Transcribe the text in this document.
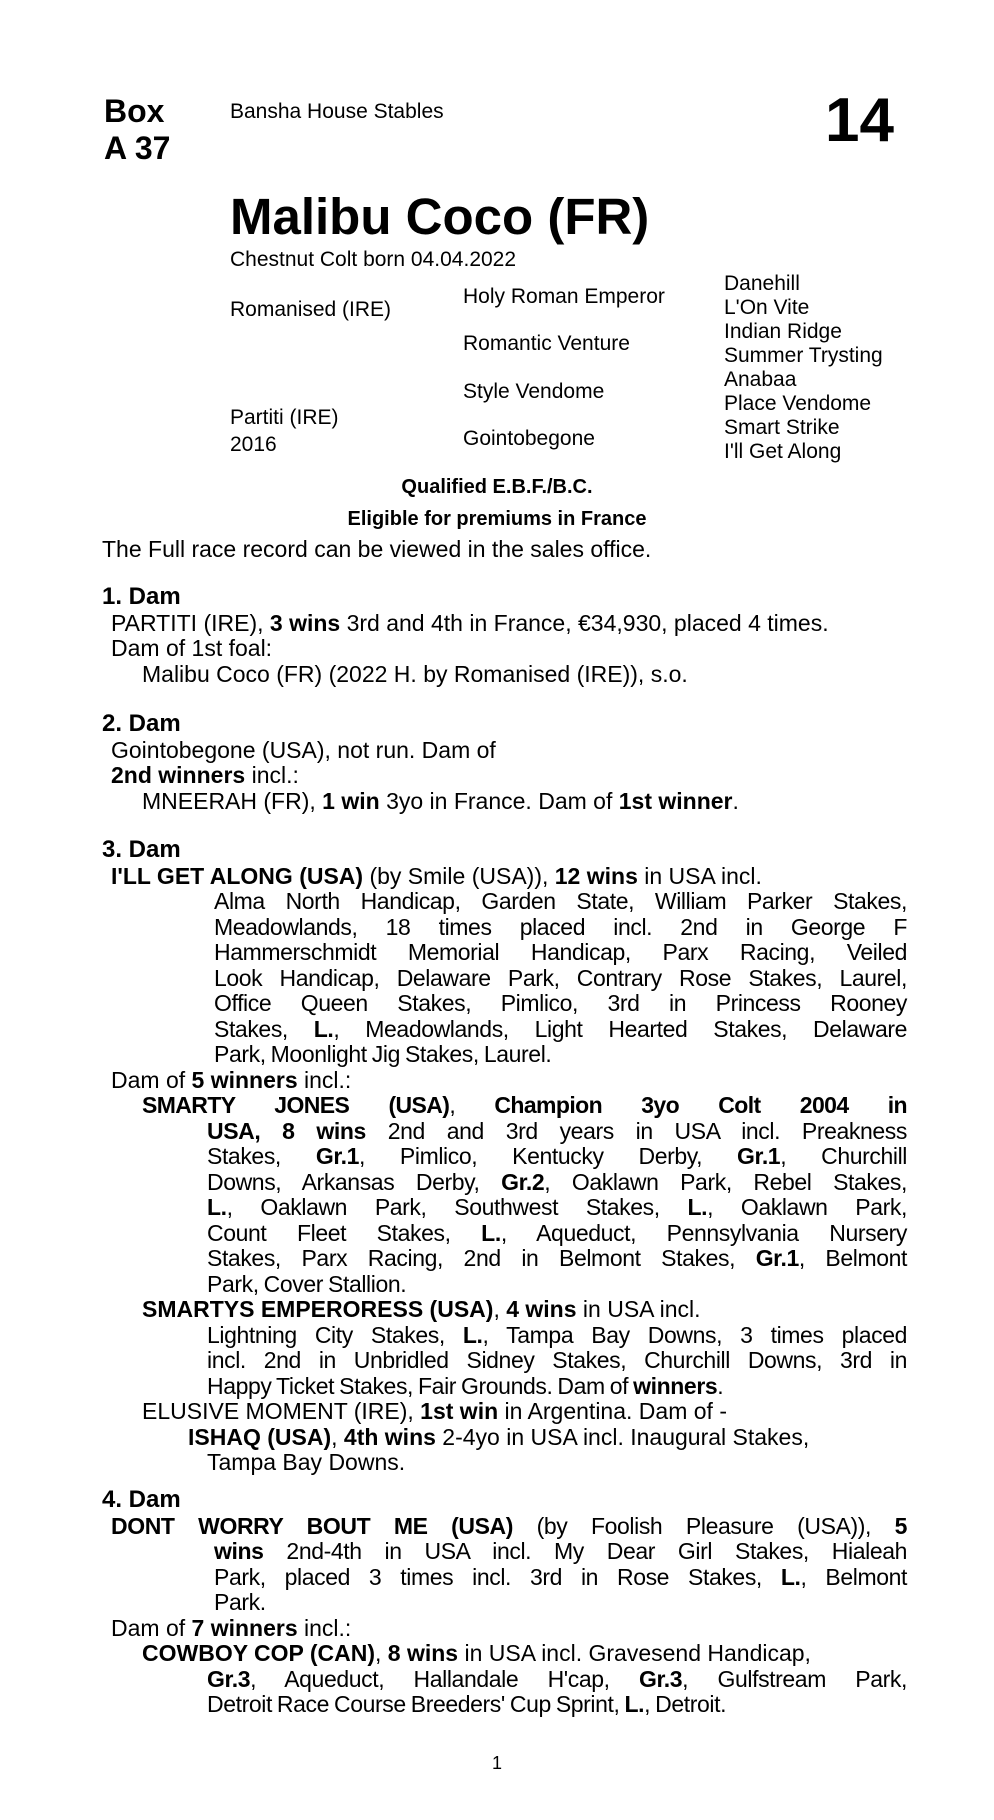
Box
A 37
Bansha House Stables	14
Malibu Coco (FR)
Chestnut Colt born 04.04.2022
Romanised (IRE)
Partiti (IRE)
2016
Holy Roman Emperor
Romantic Venture
Style Vendome
Gointobegone
Danehill
L'On Vite
Indian Ridge
Summer Trysting
Anabaa
Place Vendome
Smart Strike
I'll Get Along
Qualified E.B.F./B.C.
Eligible for premiums in France
The Full race record can be viewed in the sales office.
1. Dam
PARTITI (IRE), 3 wins 3rd and 4th in France, €34,930, placed 4 times.
Dam of 1st foal:
Malibu Coco (FR) (2022 H. by Romanised (IRE)), s.o.
2. Dam
Gointobegone (USA), not run. Dam of
2nd winners incl.:
MNEERAH (FR), 1 win 3yo in France. Dam of 1st winner.
3. Dam
I'LL GET ALONG (USA) (by Smile (USA)), 12 wins in USA incl.
Alma North Handicap, Garden State, William Parker Stakes,
Meadowlands, 18 times placed incl. 2nd in George F
Hammerschmidt Memorial Handicap, Parx Racing, Veiled
Look Handicap, Delaware Park, Contrary Rose Stakes, Laurel,
Office Queen Stakes, Pimlico, 3rd in Princess Rooney
Stakes, L., Meadowlands, Light Hearted Stakes, Delaware
Park, Moonlight Jig Stakes, Laurel.
Dam of 5 winners incl.:
SMARTY JONES (USA), Champion 3yo Colt 2004 in
USA, 8 wins 2nd and 3rd years in USA incl. Preakness
Stakes, Gr.1, Pimlico, Kentucky Derby, Gr.1, Churchill
Downs, Arkansas Derby, Gr.2, Oaklawn Park, Rebel Stakes,
L., Oaklawn Park, Southwest Stakes, L., Oaklawn Park,
Count Fleet Stakes, L., Aqueduct, Pennsylvania Nursery
Stakes, Parx Racing, 2nd in Belmont Stakes, Gr.1, Belmont
Park, Cover Stallion.
SMARTYS EMPERORESS (USA), 4 wins in USA incl.
Lightning City Stakes, L., Tampa Bay Downs, 3 times placed
incl. 2nd in Unbridled Sidney Stakes, Churchill Downs, 3rd in
Happy Ticket Stakes, Fair Grounds. Dam of winners.
ELUSIVE MOMENT (IRE), 1st win in Argentina. Dam of -
ISHAQ (USA), 4th wins 2-4yo in USA incl. Inaugural Stakes,
Tampa Bay Downs.
4. Dam
DONT WORRY BOUT ME (USA) (by Foolish Pleasure (USA)), 5
wins 2nd-4th in USA incl. My Dear Girl Stakes, Hialeah
Park, placed 3 times incl. 3rd in Rose Stakes, L., Belmont
Park.
Dam of 7 winners incl.:
COWBOY COP (CAN), 8 wins in USA incl. Gravesend Handicap,
Gr.3, Aqueduct, Hallandale H'cap, Gr.3, Gulfstream Park,
Detroit Race Course Breeders' Cup Sprint, L., Detroit.
1
